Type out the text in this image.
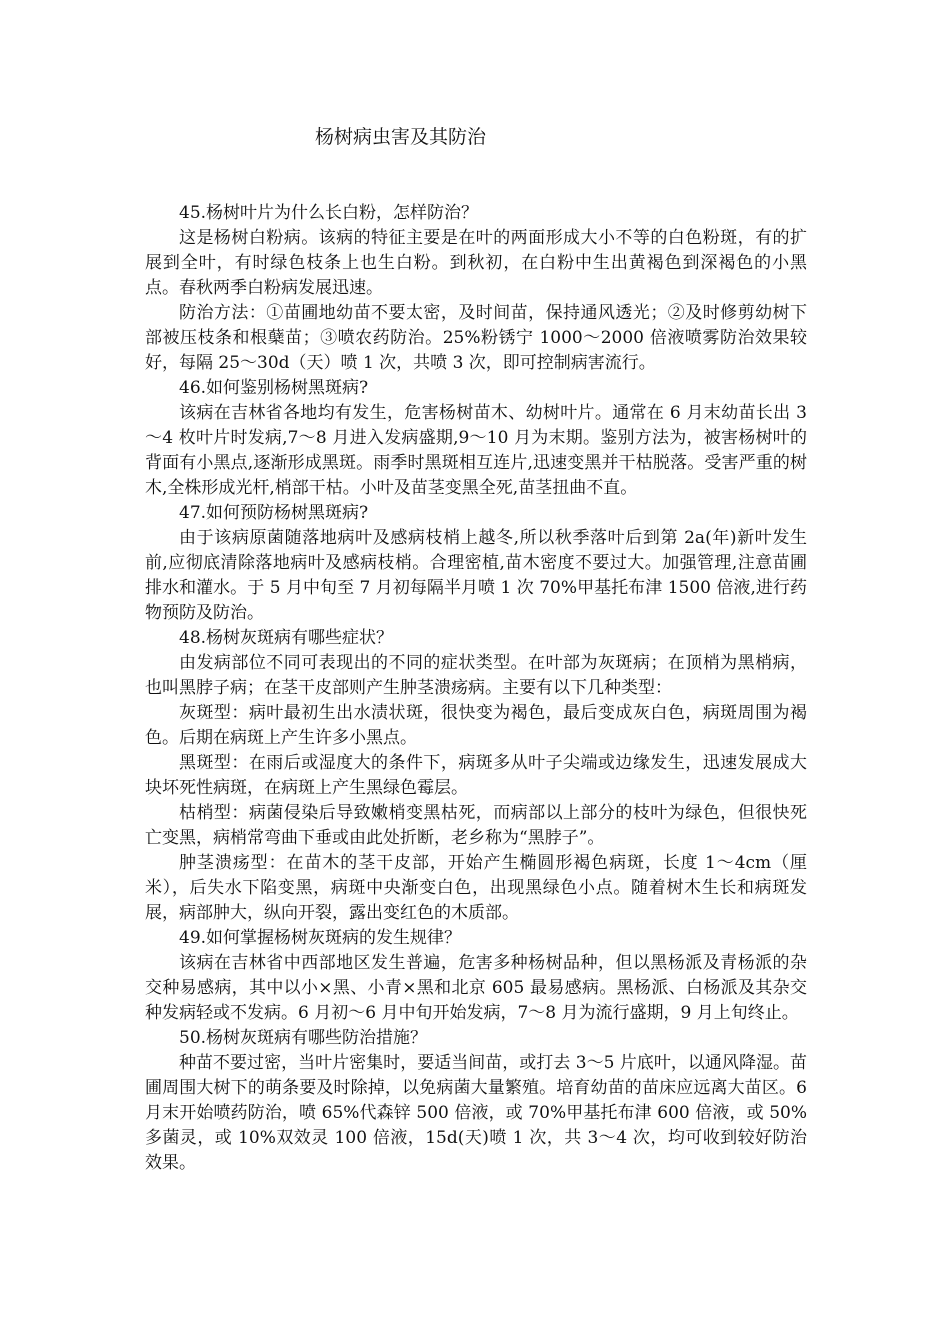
杨树病虫害及其防治

45.杨树叶片为什么长白粉，怎样防治？

这是杨树白粉病。该病的特征主要是在叶的两面形成大小不等的白色粉斑，有的扩展到全叶，有时绿色枝条上也生白粉。到秋初，在白粉中生出黄褐色到深褐色的小黑点。春秋两季白粉病发展迅速。

防治方法：①苗圃地幼苗不要太密，及时间苗，保持通风透光；②及时修剪幼树下部被压枝条和根蘖苗；③喷农药防治。25%粉锈宁 1000～2000 倍液喷雾防治效果较好，每隔 25～30d（天）喷 1 次，共喷 3 次，即可控制病害流行。

46.如何鉴别杨树黑斑病?

该病在吉林省各地均有发生，危害杨树苗木、幼树叶片。通常在 6 月末幼苗长出 3～4 枚叶片时发病,7～8 月进入发病盛期,9～10 月为末期。鉴别方法为，被害杨树叶的背面有小黑点,逐渐形成黑斑。雨季时黑斑相互连片,迅速变黑并干枯脱落。受害严重的树木,全株形成光杆,梢部干枯。小叶及苗茎变黑全死,苗茎扭曲不直。

47.如何预防杨树黑斑病?

由于该病原菌随落地病叶及感病枝梢上越冬,所以秋季落叶后到第 2a(年)新叶发生前,应彻底清除落地病叶及感病枝梢。合理密植,苗木密度不要过大。加强管理,注意苗圃排水和灌水。于 5 月中旬至 7 月初每隔半月喷 1 次 70%甲基托布津 1500 倍液,进行药物预防及防治。

48.杨树灰斑病有哪些症状？

由发病部位不同可表现出的不同的症状类型。在叶部为灰斑病；在顶梢为黑梢病，也叫黑脖子病；在茎干皮部则产生肿茎溃疡病。主要有以下几种类型：

灰斑型：病叶最初生出水渍状斑，很快变为褐色，最后变成灰白色，病斑周围为褐色。后期在病斑上产生许多小黑点。

黑斑型：在雨后或湿度大的条件下，病斑多从叶子尖端或边缘发生，迅速发展成大块坏死性病斑，在病斑上产生黑绿色霉层。

枯梢型：病菌侵染后导致嫩梢变黑枯死，而病部以上部分的枝叶为绿色，但很快死亡变黑，病梢常弯曲下垂或由此处折断，老乡称为“黑脖子”。

肿茎溃疡型：在苗木的茎干皮部，开始产生椭圆形褐色病斑，长度 1～4cm（厘米），后失水下陷变黑，病斑中央渐变白色，出现黑绿色小点。随着树木生长和病斑发展，病部肿大，纵向开裂，露出变红色的木质部。

49.如何掌握杨树灰斑病的发生规律？

该病在吉林省中西部地区发生普遍，危害多种杨树品种，但以黑杨派及青杨派的杂交种易感病，其中以小×黑、小青×黑和北京 605 最易感病。黑杨派、白杨派及其杂交种发病轻或不发病。6 月初～6 月中旬开始发病，7～8 月为流行盛期，9 月上旬终止。

50.杨树灰斑病有哪些防治措施？

种苗不要过密，当叶片密集时，要适当间苗，或打去 3～5 片底叶，以通风降湿。苗圃周围大树下的萌条要及时除掉，以免病菌大量繁殖。培育幼苗的苗床应远离大苗区。6 月末开始喷药防治，喷 65%代森锌 500 倍液，或 70%甲基托布津 600 倍液，或 50%多菌灵，或 10%双效灵 100 倍液，15d(天)喷 1 次，共 3～4 次，均可收到较好防治效果。
